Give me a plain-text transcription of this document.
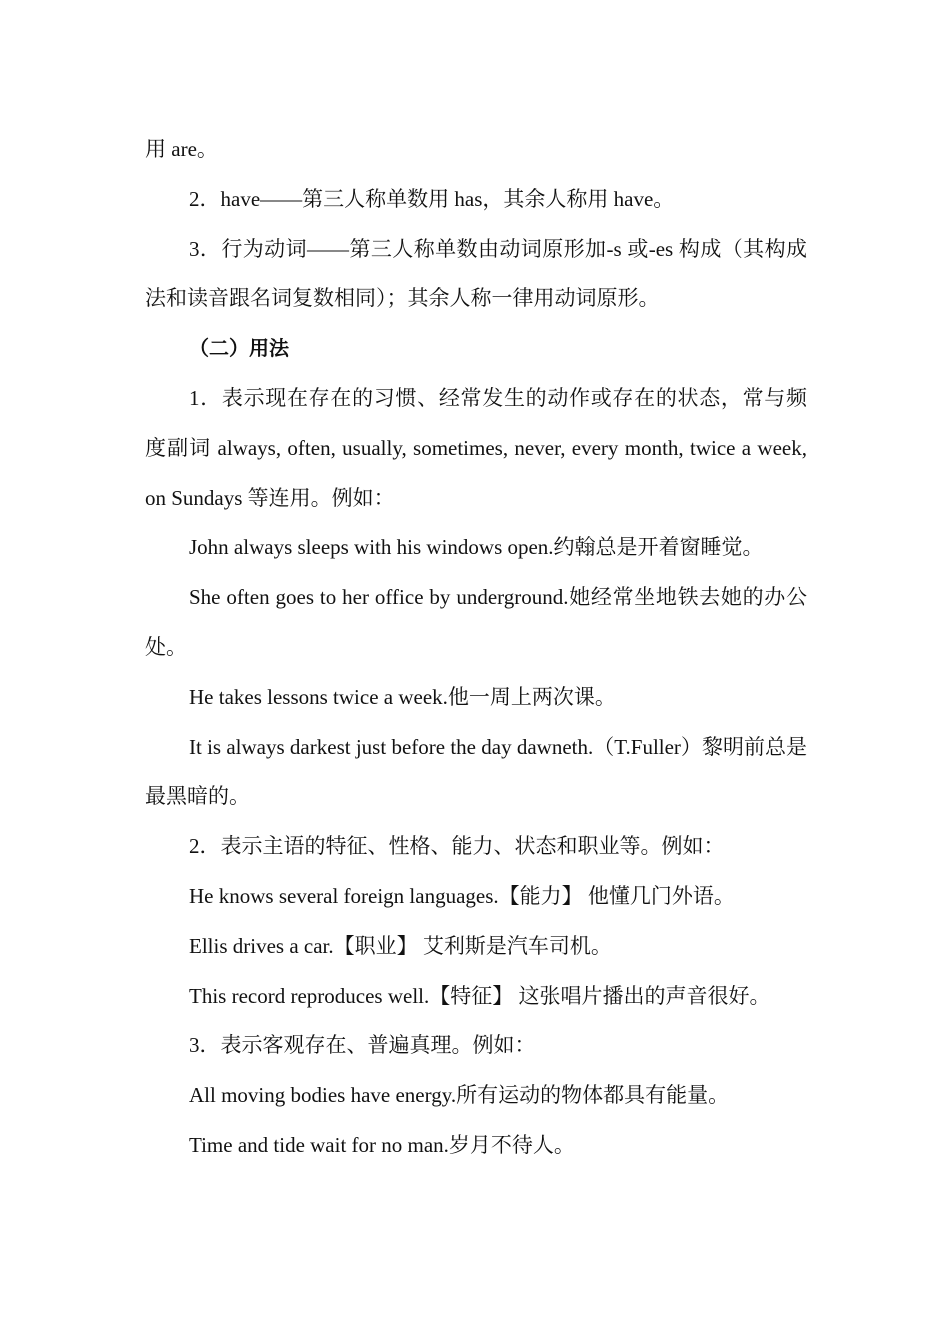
用 are。

2．have——第三人称单数用 has，其余人称用 have。

3．行为动词——第三人称单数由动词原形加-s 或-es 构成（其构成法和读音跟名词复数相同）；其余人称一律用动词原形。

（二）用法

1．表示现在存在的习惯、经常发生的动作或存在的状态，常与频度副词 always, often, usually, sometimes, never, every month, twice a week, on Sundays 等连用。例如：

John always sleeps with his windows open.约翰总是开着窗睡觉。

She often goes to her office by underground.她经常坐地铁去她的办公处。

He takes lessons twice a week.他一周上两次课。

It is always darkest just before the day dawneth.（T.Fuller）黎明前总是最黑暗的。

2．表示主语的特征、性格、能力、状态和职业等。例如：

He knows several foreign languages.【能力】 他懂几门外语。

Ellis drives a car.【职业】 艾利斯是汽车司机。

This record reproduces well.【特征】 这张唱片播出的声音很好。

3．表示客观存在、普遍真理。例如：

All moving bodies have energy.所有运动的物体都具有能量。

Time and tide wait for no man.岁月不待人。
